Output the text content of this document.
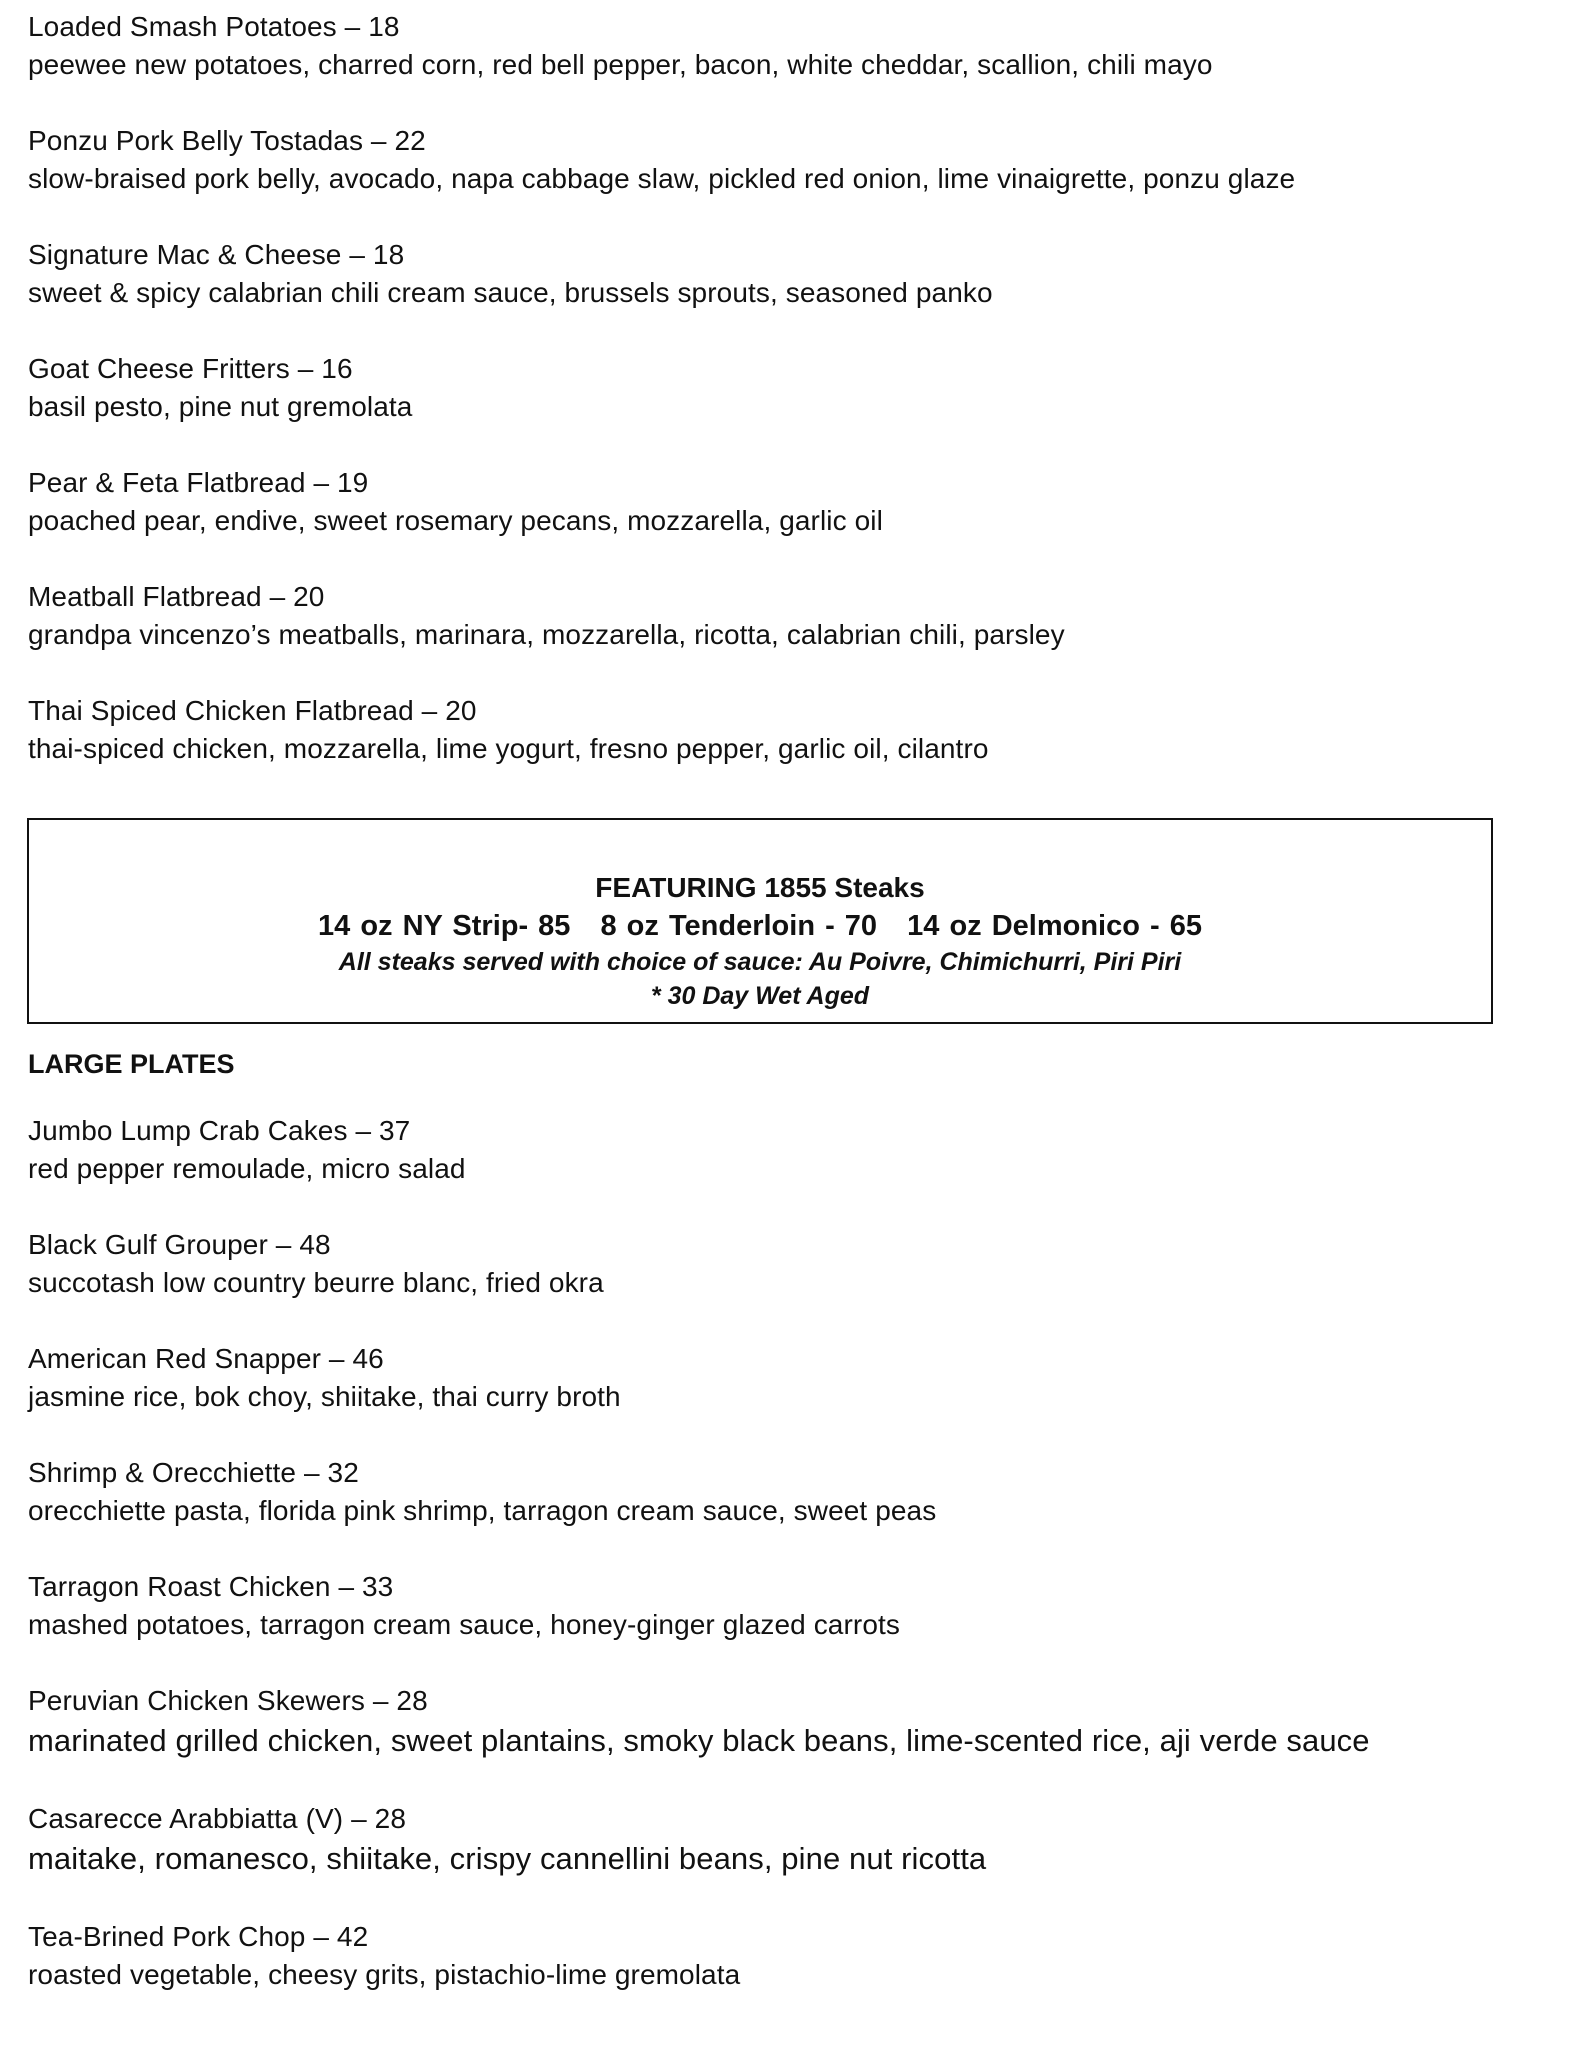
Loaded Smash Potatoes – 18
peewee new potatoes, charred corn, red bell pepper, bacon, white cheddar, scallion, chili mayo
Ponzu Pork Belly Tostadas – 22
slow-braised pork belly, avocado, napa cabbage slaw, pickled red onion, lime vinaigrette, ponzu glaze
Signature Mac & Cheese – 18
sweet & spicy calabrian chili cream sauce, brussels sprouts, seasoned panko
Goat Cheese Fritters – 16
basil pesto, pine nut gremolata
Pear & Feta Flatbread – 19
poached pear, endive, sweet rosemary pecans, mozzarella, garlic oil
Meatball Flatbread – 20
grandpa vincenzo’s meatballs, marinara, mozzarella, ricotta, calabrian chili, parsley
Thai Spiced Chicken Flatbread – 20
thai-spiced chicken, mozzarella, lime yogurt, fresno pepper, garlic oil, cilantro
FEATURING 1855 Steaks
14 oz NY Strip- 85 8 oz Tenderloin - 70 14 oz Delmonico - 65
All steaks served with choice of sauce: Au Poivre, Chimichurri, Piri Piri
* 30 Day Wet Aged
LARGE PLATES
Jumbo Lump Crab Cakes – 37
red pepper remoulade, micro salad
Black Gulf Grouper – 48
succotash low country beurre blanc, fried okra
American Red Snapper – 46
jasmine rice, bok choy, shiitake, thai curry broth
Shrimp & Orecchiette – 32
orecchiette pasta, florida pink shrimp, tarragon cream sauce, sweet peas
Tarragon Roast Chicken – 33
mashed potatoes, tarragon cream sauce, honey-ginger glazed carrots
Peruvian Chicken Skewers – 28
marinated grilled chicken, sweet plantains, smoky black beans, lime-scented rice, aji verde sauce
Casarecce Arabbiatta (V) – 28
maitake, romanesco, shiitake, crispy cannellini beans, pine nut ricotta
Tea-Brined Pork Chop – 42
roasted vegetable, cheesy grits, pistachio-lime gremolata
